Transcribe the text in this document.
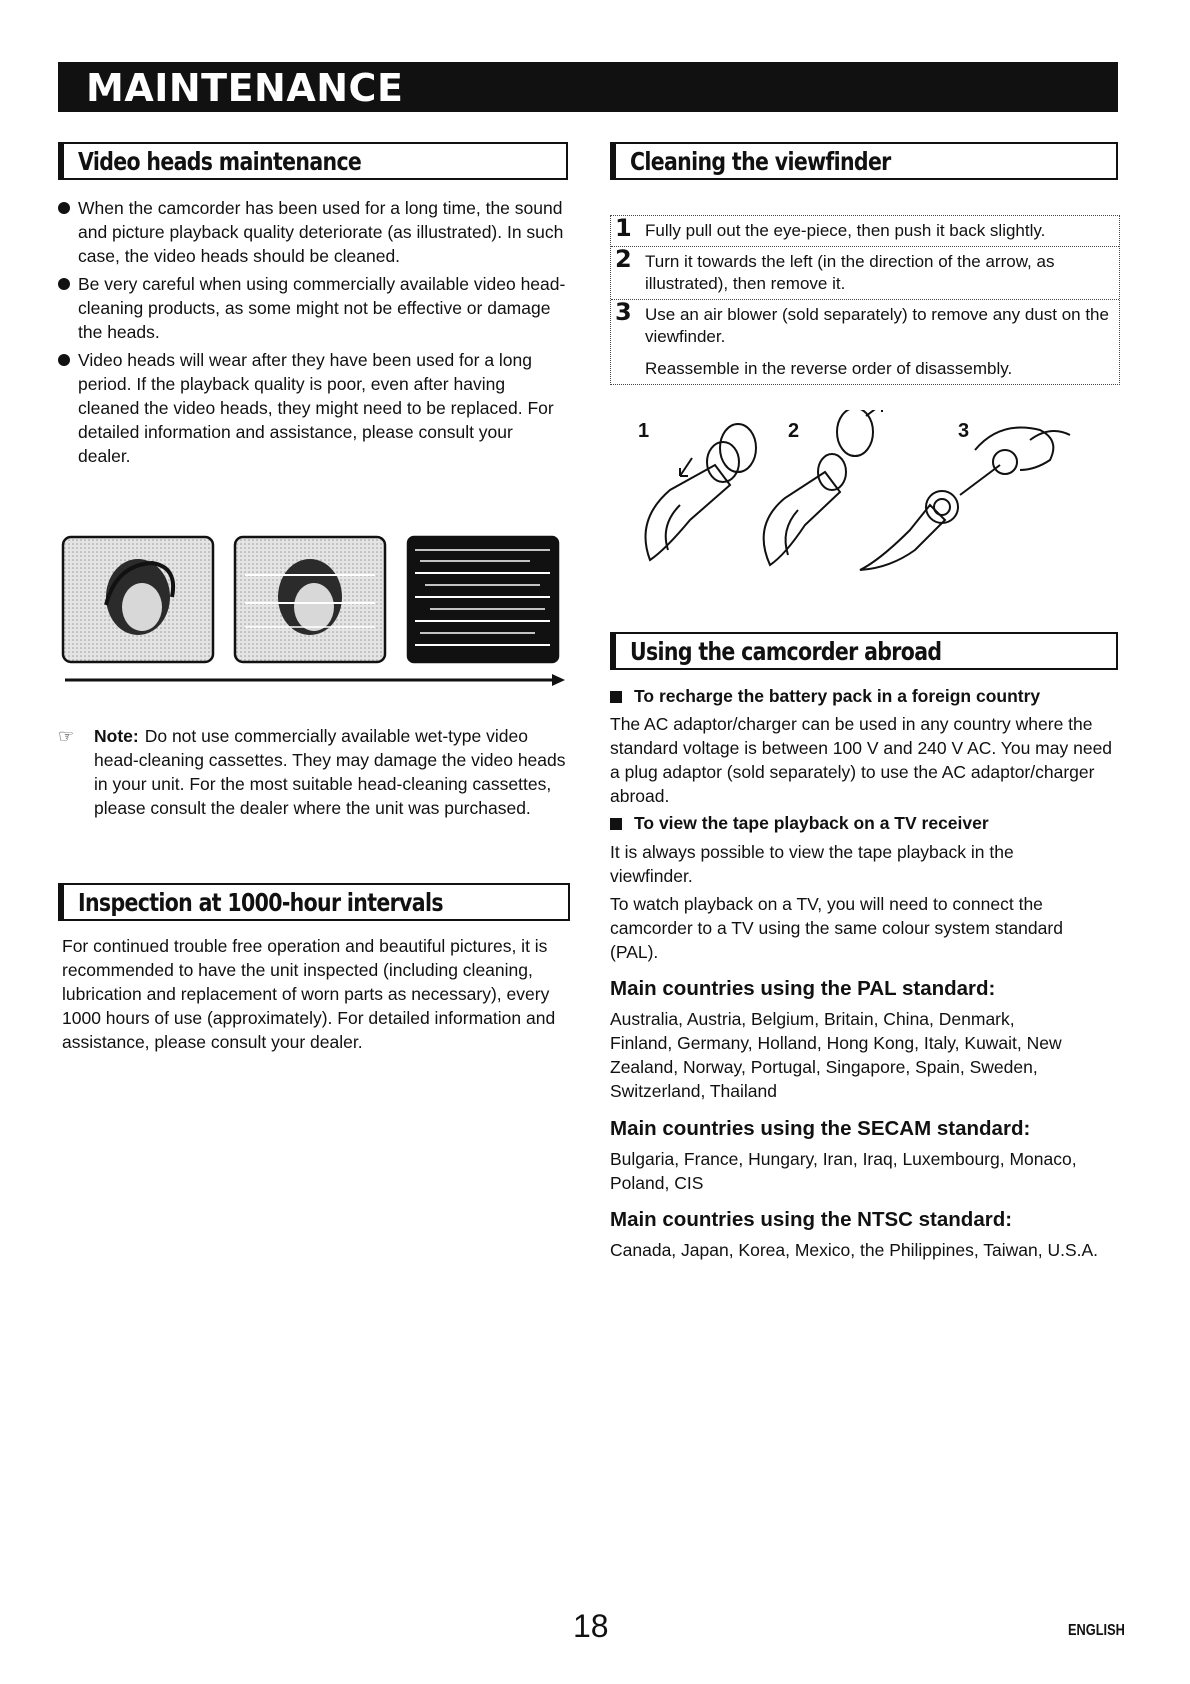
MAINTENANCE
Video heads maintenance
When the camcorder has been used for a long time, the sound and picture playback quality deteriorate (as illustrated). In such case, the video heads should be cleaned.
Be very careful when using commercially available video head-cleaning products, as some might not be effective or damage the heads.
Video heads will wear after they have been used for a long period. If the playback quality is poor, even after having cleaned the video heads, they might need to be replaced. For detailed information and assistance, please consult your dealer.
☞ Note: Do not use commercially available wet-type video head-cleaning cassettes. They may damage the video heads in your unit. For the most suitable head-cleaning cassettes, please consult the dealer where the unit was purchased.
Inspection at 1000-hour intervals
For continued trouble free operation and beautiful pictures, it is recommended to have the unit inspected (including cleaning, lubrication and replacement of worn parts as necessary), every 1000 hours of use (approximately). For detailed information and assistance, please consult your dealer.
Cleaning the viewfinder
1 Fully pull out the eye-piece, then push it back slightly.
2 Turn it towards the left (in the direction of the arrow, as illustrated), then remove it.
3 Use an air blower (sold separately) to remove any dust on the viewfinder.
Reassemble in the reverse order of disassembly.
1	2	3
Using the camcorder abroad
To recharge the battery pack in a foreign country
The AC adaptor/charger can be used in any country where the standard voltage is between 100 V and 240 V AC. You may need a plug adaptor (sold separately) to use the AC adaptor/charger abroad.
To view the tape playback on a TV receiver
It is always possible to view the tape playback in the viewfinder.
To watch playback on a TV, you will need to connect the camcorder to a TV using the same colour system standard (PAL).
Main countries using the PAL standard:
Australia, Austria, Belgium, Britain, China, Denmark, Finland, Germany, Holland, Hong Kong, Italy, Kuwait, New Zealand, Norway, Portugal, Singapore, Spain, Sweden, Switzerland, Thailand
Main countries using the SECAM standard:
Bulgaria, France, Hungary, Iran, Iraq, Luxembourg, Monaco, Poland, CIS
Main countries using the NTSC standard:
Canada, Japan, Korea, Mexico, the Philippines, Taiwan, U.S.A.
18	ENGLISH
